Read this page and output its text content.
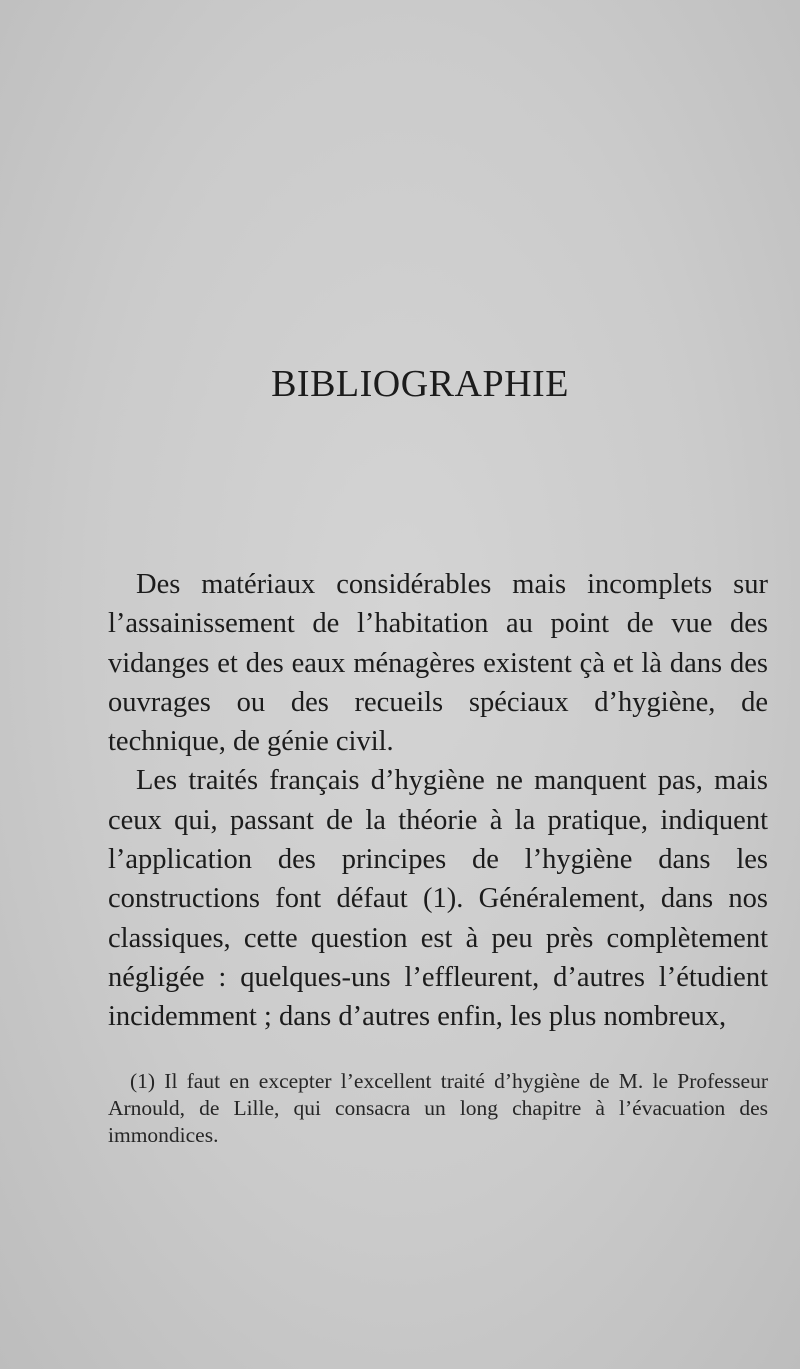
BIBLIOGRAPHIE

Des matériaux considérables mais incomplets sur l’assainissement de l’habitation au point de vue des vidanges et des eaux ménagères existent çà et là dans des ouvrages ou des recueils spéciaux d’hygiène, de technique, de génie civil.

Les traités français d’hygiène ne manquent pas, mais ceux qui, passant de la théorie à la pratique, indiquent l’application des principes de l’hygiène dans les constructions font défaut (1). Généralement, dans nos classiques, cette question est à peu près complètement négligée : quelques-uns l’effleurent, d’autres l’étudient incidemment ; dans d’autres enfin, les plus nombreux,

(1) Il faut en excepter l’excellent traité d’hygiène de M. le Professeur Arnould, de Lille, qui consacra un long chapitre à l’évacuation des immondices.
